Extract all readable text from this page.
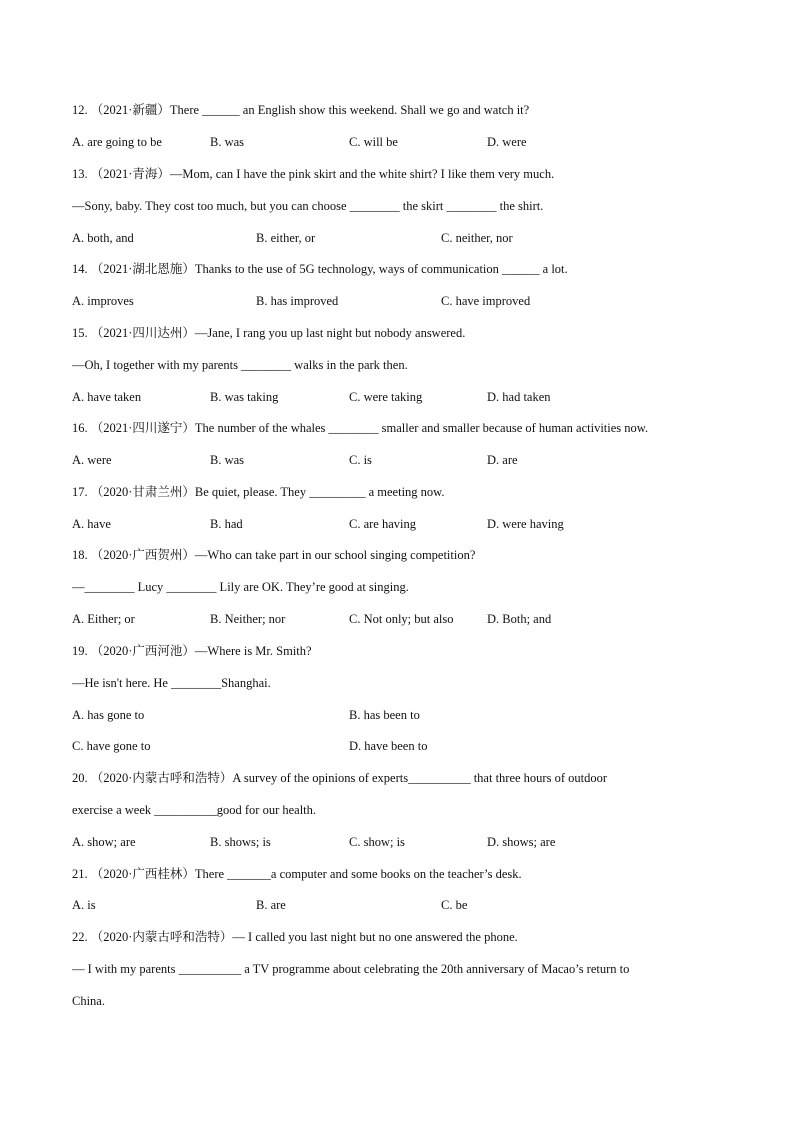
12. （2021·新疆）There ______ an English show this weekend. Shall we go and watch it?
A. are going to be	B. was	C. will be	D. were
13. （2021·青海）—Mom, can I have the pink skirt and the white shirt? I like them very much.
—Sony, baby. They cost too much, but you can choose ________ the skirt ________ the shirt.
A. both, and	B. either, or	C. neither, nor
14. （2021·湖北恩施）Thanks to the use of 5G technology, ways of communication ______ a lot.
A. improves	B. has improved	C. have improved
15. （2021·四川达州）—Jane, I rang you up last night but nobody answered.
—Oh, I together with my parents ________ walks in the park then.
A. have taken	B. was taking	C. were taking	D. had taken
16. （2021·四川遂宁）The number of the whales ________ smaller and smaller because of human activities now.
A. were	B. was	C. is	D. are
17. （2020·甘肃兰州）Be quiet, please. They _________ a meeting now.
A. have	B. had	C. are having	D. were having
18. （2020·广西贺州）—Who can take part in our school singing competition?
—________ Lucy ________ Lily are OK. They’re good at singing.
A. Either; or	B. Neither; nor	C. Not only; but also	D. Both; and
19. （2020·广西河池）—Where is Mr. Smith?
—He isn't here. He ________Shanghai.
A. has gone to	B. has been to
C. have gone to	D. have been to
20. （2020·内蒙古呼和浩特）A survey of the opinions of experts__________ that three hours of outdoor
exercise a week __________good for our health.
A. show; are	B. shows; is	C. show; is	D. shows; are
21. （2020·广西桂林）There _______a computer and some books on the teacher’s desk.
A. is	B. are	C. be
22. （2020·内蒙古呼和浩特）— I called you last night but no one answered the phone.
— I with my parents __________ a TV programme about celebrating the 20th anniversary of Macao’s return to
China.
